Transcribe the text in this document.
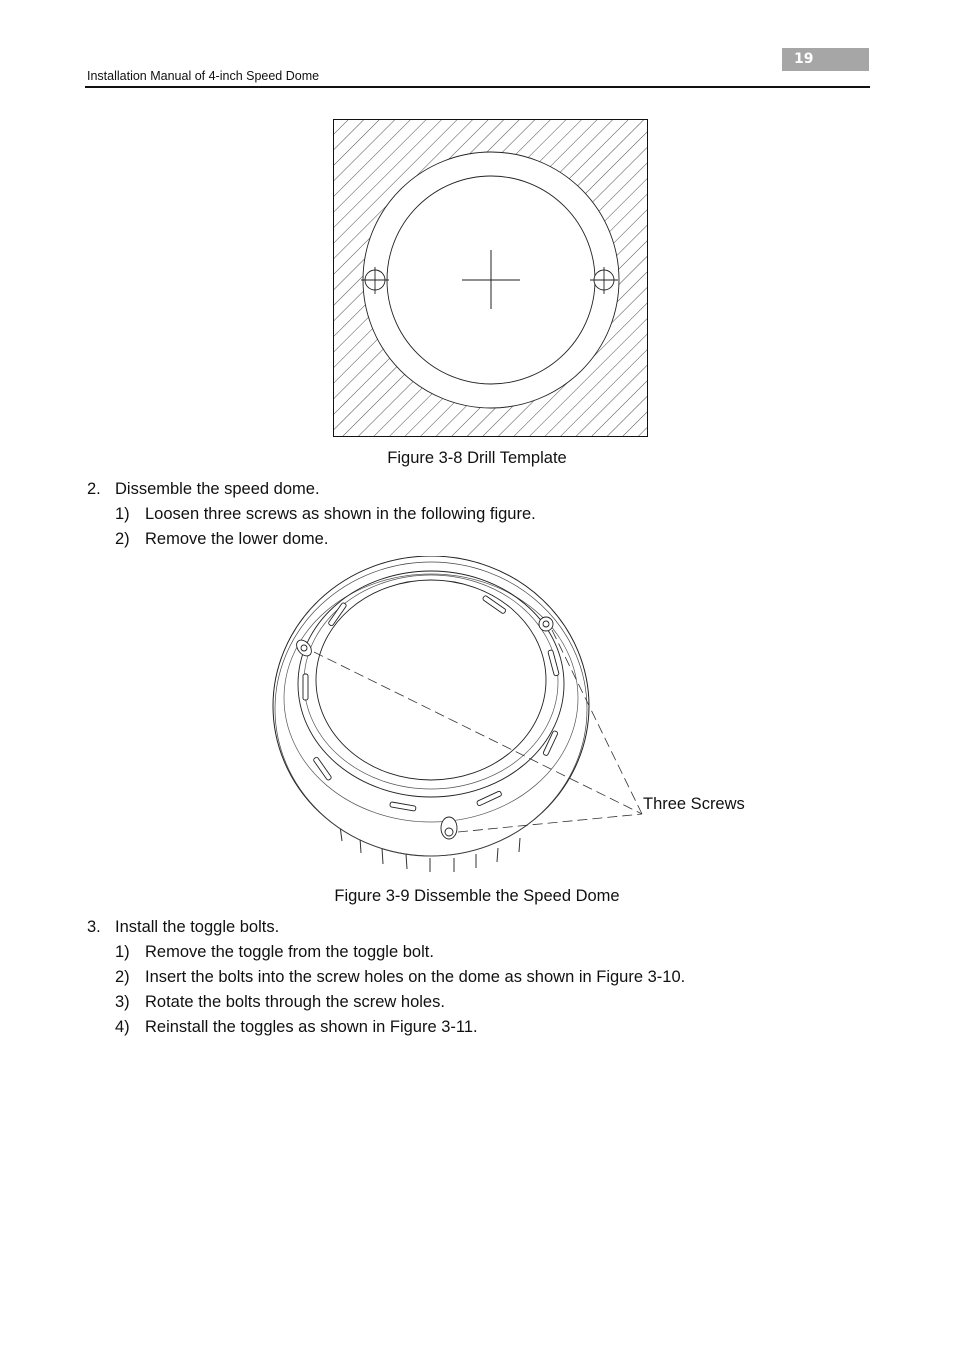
19
Installation Manual of 4-inch Speed Dome
Figure 3-8 Drill Template
2. Dissemble the speed dome.
1) Loosen three screws as shown in the following figure.
2) Remove the lower dome.
Three Screws
Figure 3-9 Dissemble the Speed Dome
3. Install the toggle bolts.
1) Remove the toggle from the toggle bolt.
2) Insert the bolts into the screw holes on the dome as shown in Figure 3-10.
3) Rotate the bolts through the screw holes.
4) Reinstall the toggles as shown in Figure 3-11.
